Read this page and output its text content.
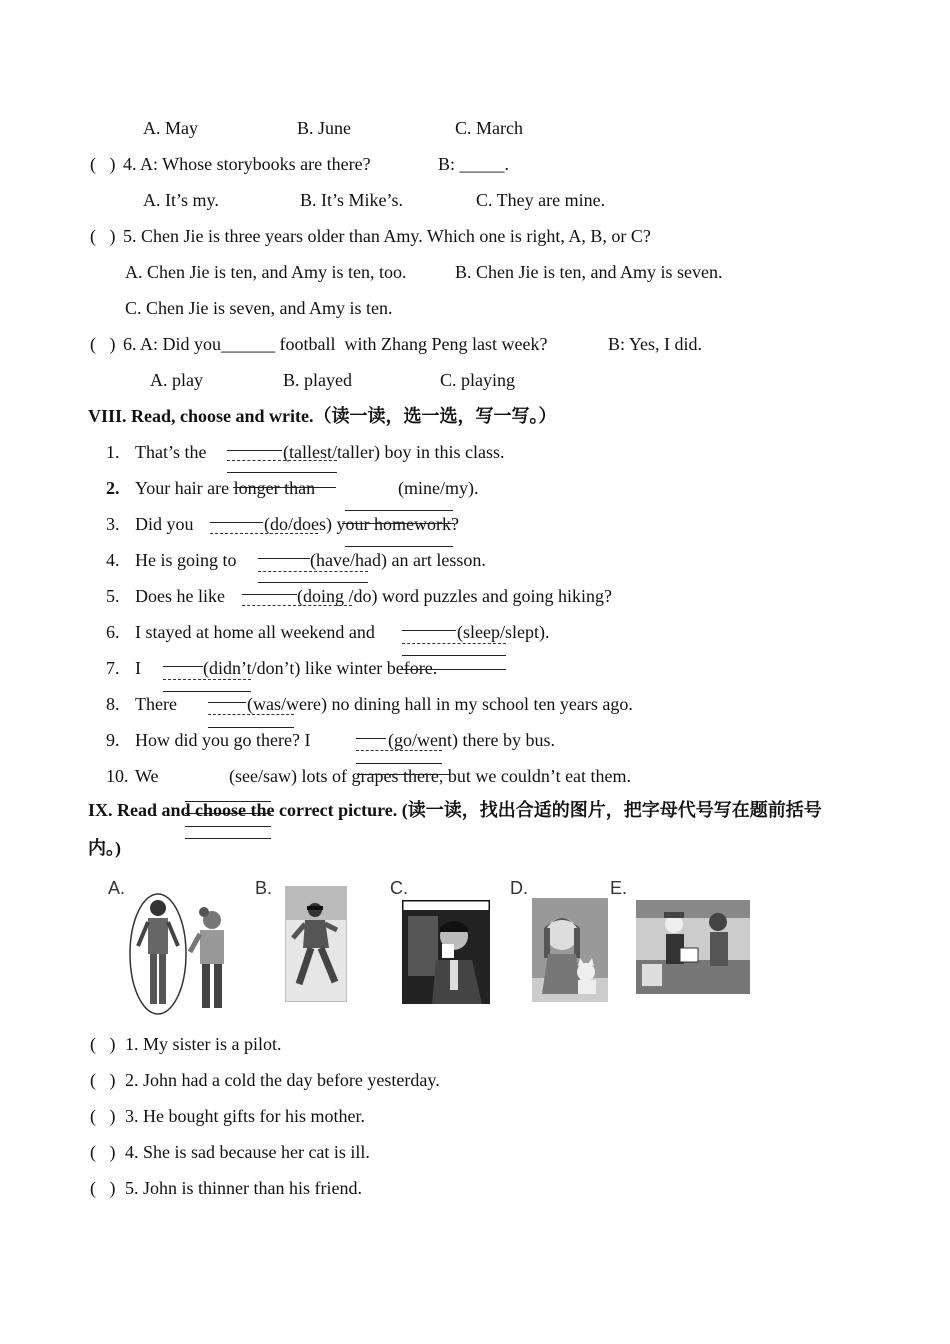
A. May	B. June	C. March
(   ) 4. A: Whose storybooks are there?	B: _____.
A. It’s my.	B. It’s Mike’s.	C. They are mine.
(   ) 5. Chen Jie is three years older than Amy. Which one is right, A, B, or C?
A. Chen Jie is ten, and Amy is ten, too.	B. Chen Jie is ten, and Amy is seven.
C. Chen Jie is seven, and Amy is ten.
(   ) 6. A: Did you______ football  with Zhang Peng last week?	B: Yes, I did.
A. play	B. played	C. playing
VIII. Read, choose and write.（读一读，选一选，写一写。）
1. That’s the	(tallest/taller) boy in this class.
2. Your hair are longer than	(mine/my).
3. Did you	(do/does) your homework?
4. He is going to	(have/had) an art lesson.
5. Does he like	(doing /do) word puzzles and going hiking?
6. I stayed at home all weekend and	(sleep/slept).
7. I	(didn’t/don’t) like winter before.
8. There	(was/were) no dining hall in my school ten years ago.
9. How did you go there? I	(go/went) there by bus.
10. We	(see/saw) lots of grapes there, but we couldn’t eat them.
IX. Read and choose the correct picture. (读一读，找出合适的图片，把字母代号写在题前括号
内。)
A.	B.	C.	D.	E.
(   ) 1. My sister is a pilot.
(   ) 2. John had a cold the day before yesterday.
(   ) 3. He bought gifts for his mother.
(   ) 4. She is sad because her cat is ill.
(   ) 5. John is thinner than his friend.
